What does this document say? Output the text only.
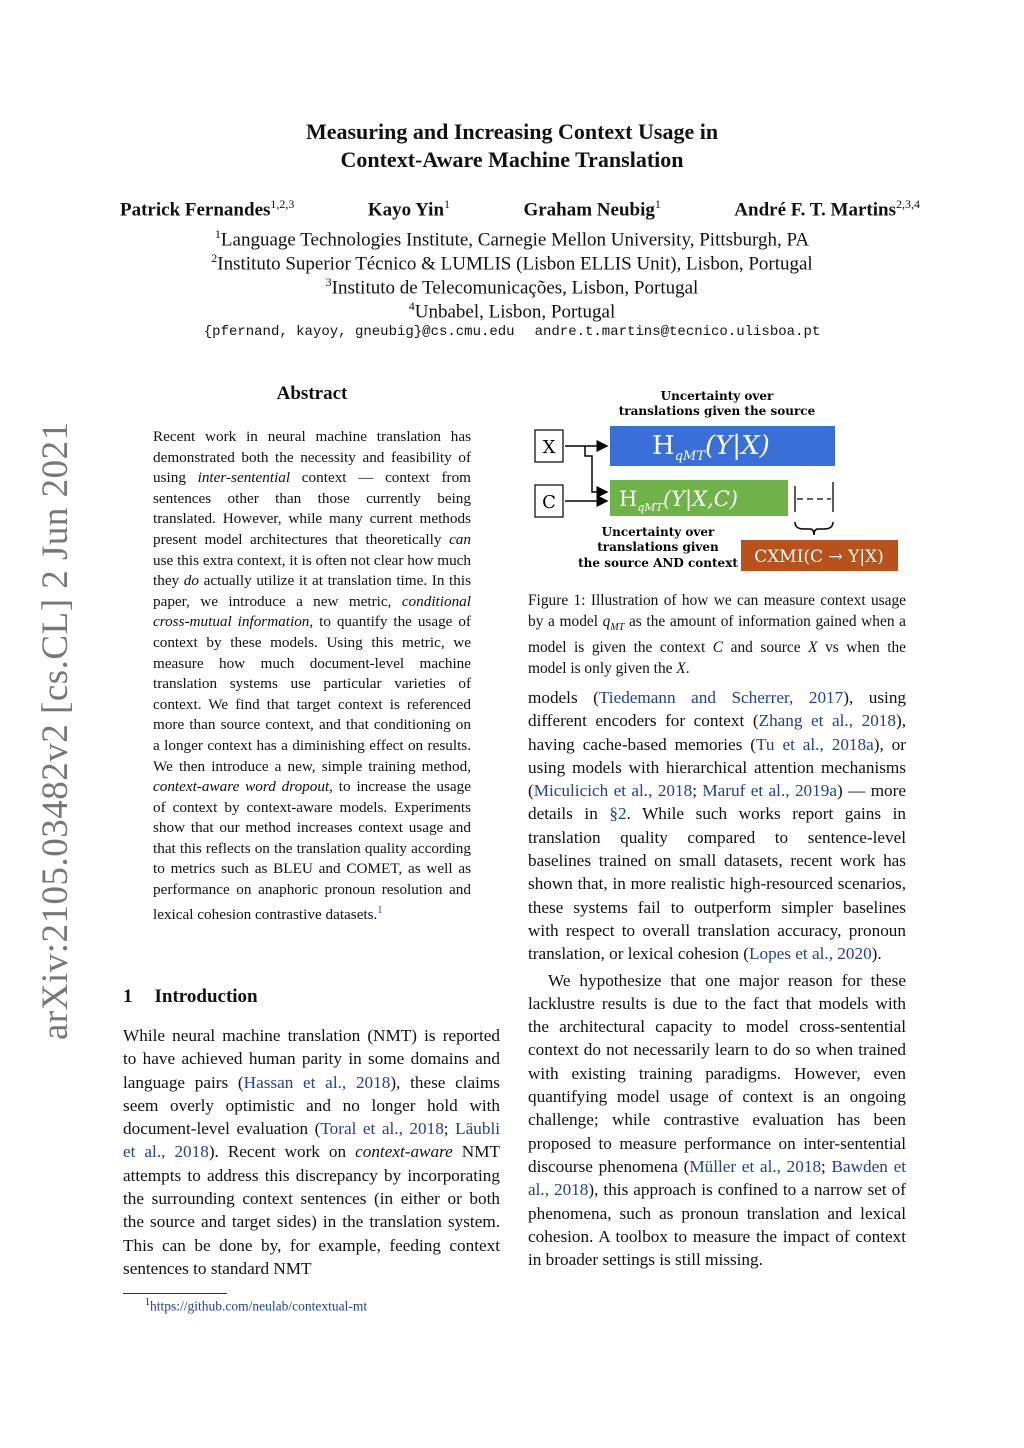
Measuring and Increasing Context Usage in
Context-Aware Machine Translation
Patrick Fernandes$^{1,2,3}$	Kayo Yin$^1$	Graham Neubig$^1$	André F. T. Martins$^{2,3,4}$
$^1$Language Technologies Institute, Carnegie Mellon University, Pittsburgh, PA
$^2$Instituto Superior Técnico & LUMLIS (Lisbon ELLIS Unit), Lisbon, Portugal
$^3$Instituto de Telecomunicações, Lisbon, Portugal
$^4$Unbabel, Lisbon, Portugal
{pfernand, kayoy, gneubig}@cs.cmu.edu andre.t.martins@tecnico.ulisboa.pt
arXiv:2105.03482v2 [cs.CL] 2 Jun 2021
Abstract
Recent work in neural machine translation has demonstrated both the necessity and feasibility of using inter-sentential context — context from sentences other than those currently being translated. However, while many current methods present model architectures that theoretically can use this extra context, it is often not clear how much they do actually utilize it at translation time. In this paper, we introduce a new metric, conditional cross-mutual information, to quantify the usage of context by these models. Using this metric, we measure how much document-level machine translation systems use particular varieties of context. We find that target context is referenced more than source context, and that conditioning on a longer context has a diminishing effect on results. We then introduce a new, simple training method, context-aware word dropout, to increase the usage of context by context-aware models. Experiments show that our method increases context usage and that this reflects on the translation quality according to metrics such as BLEU and COMET, as well as performance on anaphoric pronoun resolution and lexical cohesion contrastive datasets.$^1$
1 Introduction
While neural machine translation (NMT) is reported to have achieved human parity in some domains and language pairs (Hassan et al., 2018), these claims seem overly optimistic and no longer hold with document-level evaluation (Toral et al., 2018; Läubli et al., 2018). Recent work on context-aware NMT attempts to address this discrepancy by incorporating the surrounding context sentences (in either or both the source and target sides) in the translation system. This can be done by, for example, feeding context sentences to standard NMT
$^1$https://github.com/neulab/contextual-mt
Uncertainty over
translations given the source
X
C
$H_{qMT}(Y|X)$
$H_{qMT}(Y|X,C)$
Uncertainty over
translations given
the source AND context CXMI(C → Y|X)
Figure 1: Illustration of how we can measure context usage by a model $q_{MT}$ as the amount of information gained when a model is given the context C and source X vs when the model is only given the X.

models (Tiedemann and Scherrer, 2017), using different encoders for context (Zhang et al., 2018), having cache-based memories (Tu et al., 2018a), or using models with hierarchical attention mechanisms (Miculicich et al., 2018; Maruf et al., 2019a) — more details in §2. While such works report gains in translation quality compared to sentence-level baselines trained on small datasets, recent work has shown that, in more realistic high-resourced scenarios, these systems fail to outperform simpler baselines with respect to overall translation accuracy, pronoun translation, or lexical cohesion (Lopes et al., 2020).

We hypothesize that one major reason for these lacklustre results is due to the fact that models with the architectural capacity to model cross-sentential context do not necessarily learn to do so when trained with existing training paradigms. However, even quantifying model usage of context is an ongoing challenge; while contrastive evaluation has been proposed to measure performance on inter-sentential discourse phenomena (Müller et al., 2018; Bawden et al., 2018), this approach is confined to a narrow set of phenomena, such as pronoun translation and lexical cohesion. A toolbox to measure the impact of context in broader settings is still missing.
